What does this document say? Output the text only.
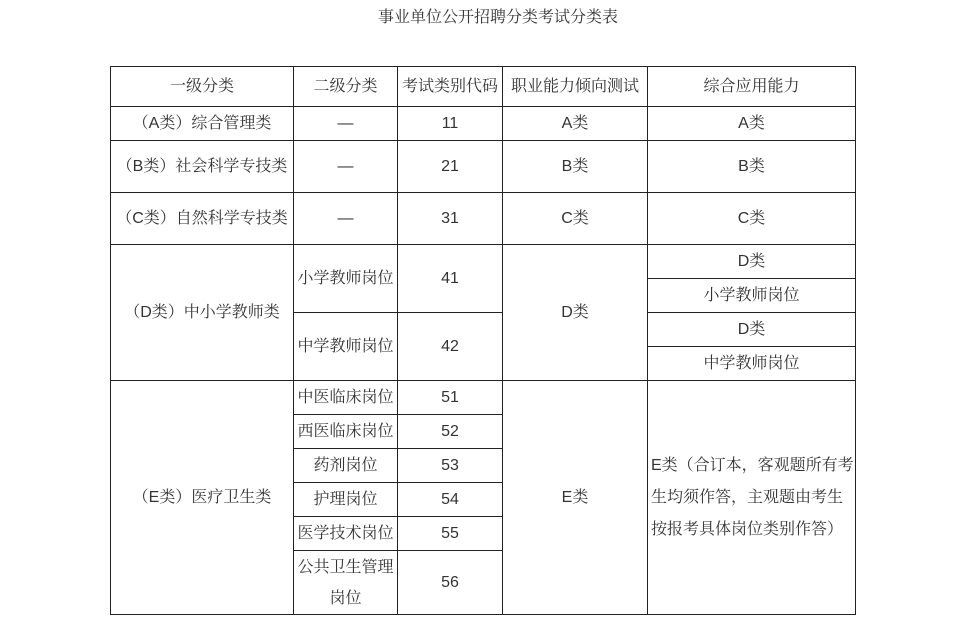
事业单位公开招聘分类考试分类表
一级分类	二级分类	考试类别代码	职业能力倾向测试	综合应用能力
（A类）综合管理类	—	11	A类	A类
（B类）社会科学专技类	—	21	B类	B类
（C类）自然科学专技类	—	31	C类	C类
（D类）中小学教师类	小学教师岗位	41	D类	D类
				小学教师岗位
	中学教师岗位	42		D类
				中学教师岗位
（E类）医疗卫生类	中医临床岗位	51	E类	E类（合订本，客观题所有考生均须作答，主观题由考生按报考具体岗位类别作答）
	西医临床岗位	52		
	药剂岗位	53		
	护理岗位	54		
	医学技术岗位	55		
	公共卫生管理岗位	56		
